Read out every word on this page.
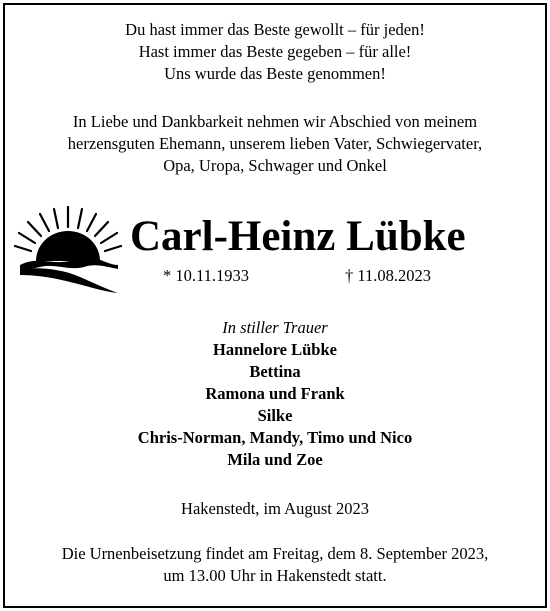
Du hast immer das Beste gewollt – für jeden!
Hast immer das Beste gegeben – für alle!
Uns wurde das Beste genommen!
In Liebe und Dankbarkeit nehmen wir Abschied von meinem
herzensguten Ehemann, unserem lieben Vater, Schwiegervater,
Opa, Uropa, Schwager und Onkel
Carl-Heinz Lübke
* 10.11.1933	† 11.08.2023
In stiller Trauer
Hannelore Lübke
Bettina
Ramona und Frank
Silke
Chris-Norman, Mandy, Timo und Nico
Mila und Zoe
Hakenstedt, im August 2023
Die Urnenbeisetzung findet am Freitag, dem 8. September 2023,
um 13.00 Uhr in Hakenstedt statt.
